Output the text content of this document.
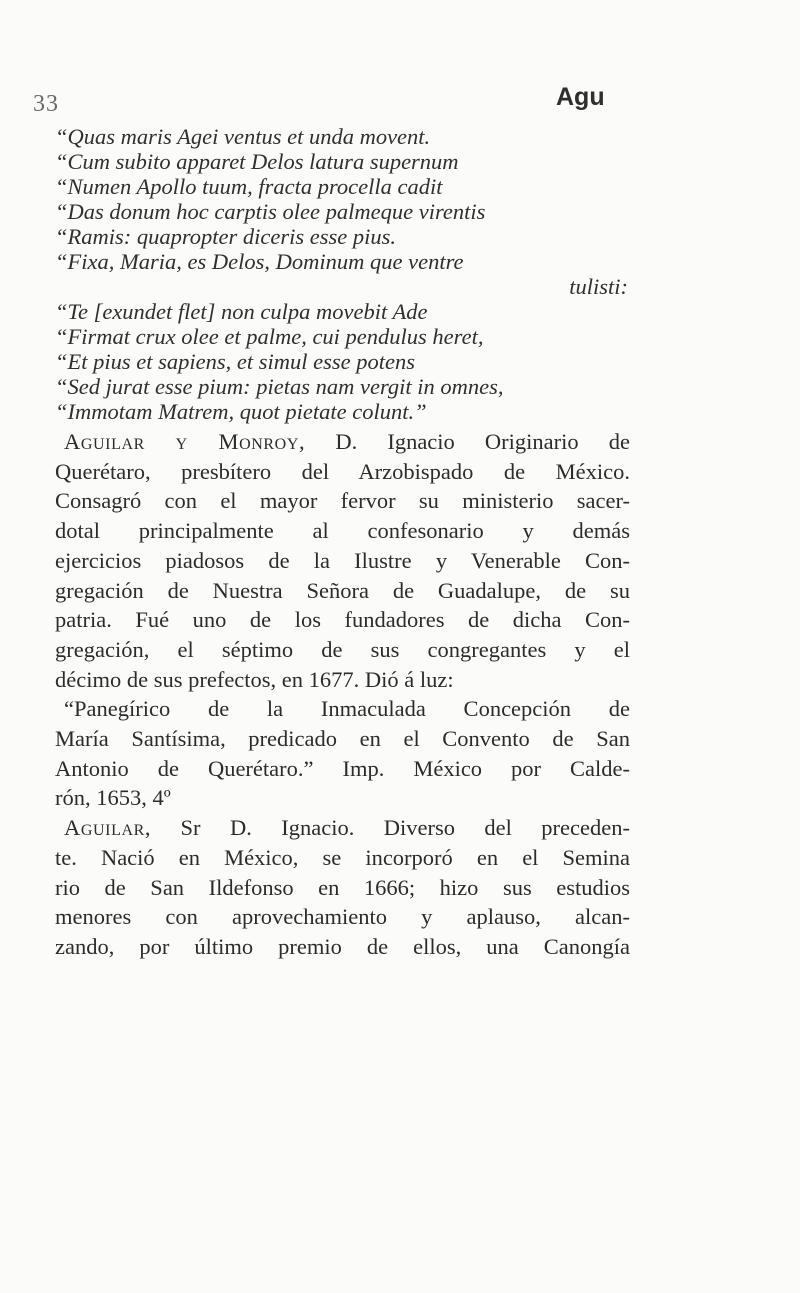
33	Agu
“Quas maris Agei ventus et unda movent.
“Cum subito apparet Delos latura supernum
“Numen Apollo tuum, fracta procella cadit
“Das donum hoc carptis olee palmeque virentis
“Ramis: quapropter diceris esse pius.
“Fixa, Maria, es Delos, Dominum que ventre
tulisti:
“Te [exundet flet] non culpa movebit Ade
“Firmat crux olee et palme, cui pendulus heret,
“Et pius et sapiens, et simul esse potens
“Sed jurat esse pium: pietas nam vergit in omnes,
“Immotam Matrem, quot pietate colunt.”
Aguilar y Monroy, D. Ignacio Originario de
Querétaro, presbítero del Arzobispado de México.
Consagró con el mayor fervor su ministerio sacer-
dotal principalmente al confesonario y demás
ejercicios piadosos de la Ilustre y Venerable Con-
gregación de Nuestra Señora de Guadalupe, de su
patria. Fué uno de los fundadores de dicha Con-
gregación, el séptimo de sus congregantes y el
décimo de sus prefectos, en 1677. Dió á luz:
“Panegírico de la Inmaculada Concepción de
María Santísima, predicado en el Convento de San
Antonio de Querétaro.” Imp. México por Calde-
rón, 1653, 4º
Aguilar, Sr D. Ignacio. Diverso del preceden-
te. Nació en México, se incorporó en el Semina
rio de San Ildefonso en 1666; hizo sus estudios
menores con aprovechamiento y aplauso, alcan-
zando, por último premio de ellos, una Canongía
